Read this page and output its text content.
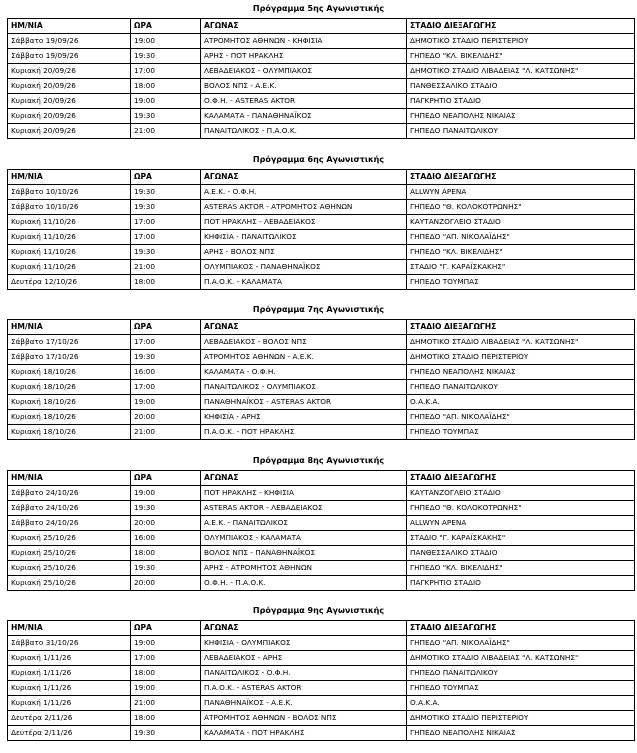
Πρόγραμμα 5ης Αγωνιστικής
ΗΜ/ΝΙΑ	ΩΡΑ	ΑΓΩΝΑΣ	ΣΤΑΔΙΟ ΔΙΕΞΑΓΩΓΗΣ
Σάββατο 19/09/26	19:00	ΑΤΡΟΜΗΤΟΣ ΑΘΗΝΩΝ - ΚΗΦΙΣΙΑ	ΔΗΜΟΤΙΚΟ ΣΤΑΔΙΟ ΠΕΡΙΣΤΕΡΙΟΥ
Σάββατο 19/09/26	19:30	ΑΡΗΣ - ΠΟΤ ΗΡΑΚΛΗΣ	ΓΗΠΕΔΟ "ΚΛ. ΒΙΚΕΛΙΔΗΣ"
Κυριακή 20/09/26	17:00	ΛΕΒΑΔΕΙΑΚΟΣ - ΟΛΥΜΠΙΑΚΟΣ	ΔΗΜΟΤΙΚΟ ΣΤΑΔΙΟ ΛΙΒΑΔΕΙΑΣ "Λ. ΚΑΤΣΩΝΗΣ"
Κυριακή 20/09/26	18:00	ΒΟΛΟΣ ΝΠΣ - Α.Ε.Κ.	ΠΑΝΘΕΣΣΑΛΙΚΟ ΣΤΑΔΙΟ
Κυριακή 20/09/26	19:00	Ο.Φ.Η. - ASTERAS AKTOR	ΠΑΓΚΡΗΤΙΟ ΣΤΑΔΙΟ
Κυριακή 20/09/26	19:30	ΚΑΛΑΜΑΤΑ - ΠΑΝΑΘΗΝΑΪΚΟΣ	ΓΗΠΕΔΟ ΝΕΑΠΟΛΗΣ ΝΙΚΑΙΑΣ
Κυριακή 20/09/26	21:00	ΠΑΝΑΙΤΩΛΙΚΟΣ - Π.Α.Ο.Κ.	ΓΗΠΕΔΟ ΠΑΝΑΙΤΩΛΙΚΟΥ
Πρόγραμμα 6ης Αγωνιστικής
ΗΜ/ΝΙΑ	ΩΡΑ	ΑΓΩΝΑΣ	ΣΤΑΔΙΟ ΔΙΕΞΑΓΩΓΗΣ
Σάββατο 10/10/26	19:30	Α.Ε.Κ. - Ο.Φ.Η.	ALLWYN ΑΡΕΝΑ
Σάββατο 10/10/26	19:30	ASTERAS AKTOR - ΑΤΡΟΜΗΤΟΣ ΑΘΗΝΩΝ	ΓΗΠΕΔΟ "Θ. ΚΟΛΟΚΟΤΡΩΝΗΣ"
Κυριακή 11/10/26	17:00	ΠΟΤ ΗΡΑΚΛΗΣ - ΛΕΒΑΔΕΙΑΚΟΣ	ΚΑΥΤΑΝΖΟΓΛΕΙΟ ΣΤΑΔΙΟ
Κυριακή 11/10/26	17:00	ΚΗΦΙΣΙΑ - ΠΑΝΑΙΤΩΛΙΚΟΣ	ΓΗΠΕΔΟ "ΑΠ. ΝΙΚΟΛΑΪΔΗΣ"
Κυριακή 11/10/26	19:30	ΑΡΗΣ - ΒΟΛΟΣ ΝΠΣ	ΓΗΠΕΔΟ "ΚΛ. ΒΙΚΕΛΙΔΗΣ"
Κυριακή 11/10/26	21:00	ΟΛΥΜΠΙΑΚΟΣ - ΠΑΝΑΘΗΝΑΪΚΟΣ	ΣΤΑΔΙΟ "Γ. ΚΑΡΑΪΣΚΑΚΗΣ"
Δευτέρα 12/10/26	18:00	Π.Α.Ο.Κ. - ΚΑΛΑΜΑΤΑ	ΓΗΠΕΔΟ ΤΟΥΜΠΑΣ
Πρόγραμμα 7ης Αγωνιστικής
ΗΜ/ΝΙΑ	ΩΡΑ	ΑΓΩΝΑΣ	ΣΤΑΔΙΟ ΔΙΕΞΑΓΩΓΗΣ
Σάββατο 17/10/26	17:00	ΛΕΒΑΔΕΙΑΚΟΣ - ΒΟΛΟΣ ΝΠΣ	ΔΗΜΟΤΙΚΟ ΣΤΑΔΙΟ ΛΙΒΑΔΕΙΑΣ "Λ. ΚΑΤΣΩΝΗΣ"
Σάββατο 17/10/26	19:30	ΑΤΡΟΜΗΤΟΣ ΑΘΗΝΩΝ - Α.Ε.Κ.	ΔΗΜΟΤΙΚΟ ΣΤΑΔΙΟ ΠΕΡΙΣΤΕΡΙΟΥ
Κυριακή 18/10/26	16:00	ΚΑΛΑΜΑΤΑ - Ο.Φ.Η.	ΓΗΠΕΔΟ ΝΕΑΠΟΛΗΣ ΝΙΚΑΙΑΣ
Κυριακή 18/10/26	17:00	ΠΑΝΑΙΤΩΛΙΚΟΣ - ΟΛΥΜΠΙΑΚΟΣ	ΓΗΠΕΔΟ ΠΑΝΑΙΤΩΛΙΚΟΥ
Κυριακή 18/10/26	19:00	ΠΑΝΑΘΗΝΑΪΚΟΣ - ASTERAS AKTOR	Ο.Α.Κ.Α.
Κυριακή 18/10/26	20:00	ΚΗΦΙΣΙΑ - ΑΡΗΣ	ΓΗΠΕΔΟ "ΑΠ. ΝΙΚΟΛΑΪΔΗΣ"
Κυριακή 18/10/26	21:00	Π.Α.Ο.Κ. - ΠΟΤ ΗΡΑΚΛΗΣ	ΓΗΠΕΔΟ ΤΟΥΜΠΑΣ
Πρόγραμμα 8ης Αγωνιστικής
ΗΜ/ΝΙΑ	ΩΡΑ	ΑΓΩΝΑΣ	ΣΤΑΔΙΟ ΔΙΕΞΑΓΩΓΗΣ
Σάββατο 24/10/26	19:00	ΠΟΤ ΗΡΑΚΛΗΣ - ΚΗΦΙΣΙΑ	ΚΑΥΤΑΝΖΟΓΛΕΙΟ ΣΤΑΔΙΟ
Σάββατο 24/10/26	19:30	ASTERAS AKTOR - ΛΕΒΑΔΕΙΑΚΟΣ	ΓΗΠΕΔΟ "Θ. ΚΟΛΟΚΟΤΡΩΝΗΣ"
Σάββατο 24/10/26	20:00	Α.Ε.Κ. - ΠΑΝΑΙΤΩΛΙΚΟΣ	ALLWYN ΑΡΕΝΑ
Κυριακή 25/10/26	16:00	ΟΛΥΜΠΙΑΚΟΣ - ΚΑΛΑΜΑΤΑ	ΣΤΑΔΙΟ "Γ. ΚΑΡΑΪΣΚΑΚΗΣ"
Κυριακή 25/10/26	18:00	ΒΟΛΟΣ ΝΠΣ - ΠΑΝΑΘΗΝΑΪΚΟΣ	ΠΑΝΘΕΣΣΑΛΙΚΟ ΣΤΑΔΙΟ
Κυριακή 25/10/26	19:30	ΑΡΗΣ - ΑΤΡΟΜΗΤΟΣ ΑΘΗΝΩΝ	ΓΗΠΕΔΟ "ΚΛ. ΒΙΚΕΛΙΔΗΣ"
Κυριακή 25/10/26	20:00	Ο.Φ.Η. - Π.Α.Ο.Κ.	ΠΑΓΚΡΗΤΙΟ ΣΤΑΔΙΟ
Πρόγραμμα 9ης Αγωνιστικής
ΗΜ/ΝΙΑ	ΩΡΑ	ΑΓΩΝΑΣ	ΣΤΑΔΙΟ ΔΙΕΞΑΓΩΓΗΣ
Σάββατο 31/10/26	19:00	ΚΗΦΙΣΙΑ - ΟΛΥΜΠΙΑΚΟΣ	ΓΗΠΕΔΟ "ΑΠ. ΝΙΚΟΛΑΪΔΗΣ"
Κυριακή 1/11/26	17:00	ΛΕΒΑΔΕΙΑΚΟΣ - ΑΡΗΣ	ΔΗΜΟΤΙΚΟ ΣΤΑΔΙΟ ΛΙΒΑΔΕΙΑΣ "Λ. ΚΑΤΣΩΝΗΣ"
Κυριακή 1/11/26	18:00	ΠΑΝΑΙΤΩΛΙΚΟΣ - Ο.Φ.Η.	ΓΗΠΕΔΟ ΠΑΝΑΙΤΩΛΙΚΟΥ
Κυριακή 1/11/26	19:00	Π.Α.Ο.Κ. - ASTERAS AKTOR	ΓΗΠΕΔΟ ΤΟΥΜΠΑΣ
Κυριακή 1/11/26	21:00	ΠΑΝΑΘΗΝΑΪΚΟΣ - Α.Ε.Κ.	Ο.Α.Κ.Α.
Δευτέρα 2/11/26	18:00	ΑΤΡΟΜΗΤΟΣ ΑΘΗΝΩΝ - ΒΟΛΟΣ ΝΠΣ	ΔΗΜΟΤΙΚΟ ΣΤΑΔΙΟ ΠΕΡΙΣΤΕΡΙΟΥ
Δευτέρα 2/11/26	19:30	ΚΑΛΑΜΑΤΑ - ΠΟΤ ΗΡΑΚΛΗΣ	ΓΗΠΕΔΟ ΝΕΑΠΟΛΗΣ ΝΙΚΑΙΑΣ
